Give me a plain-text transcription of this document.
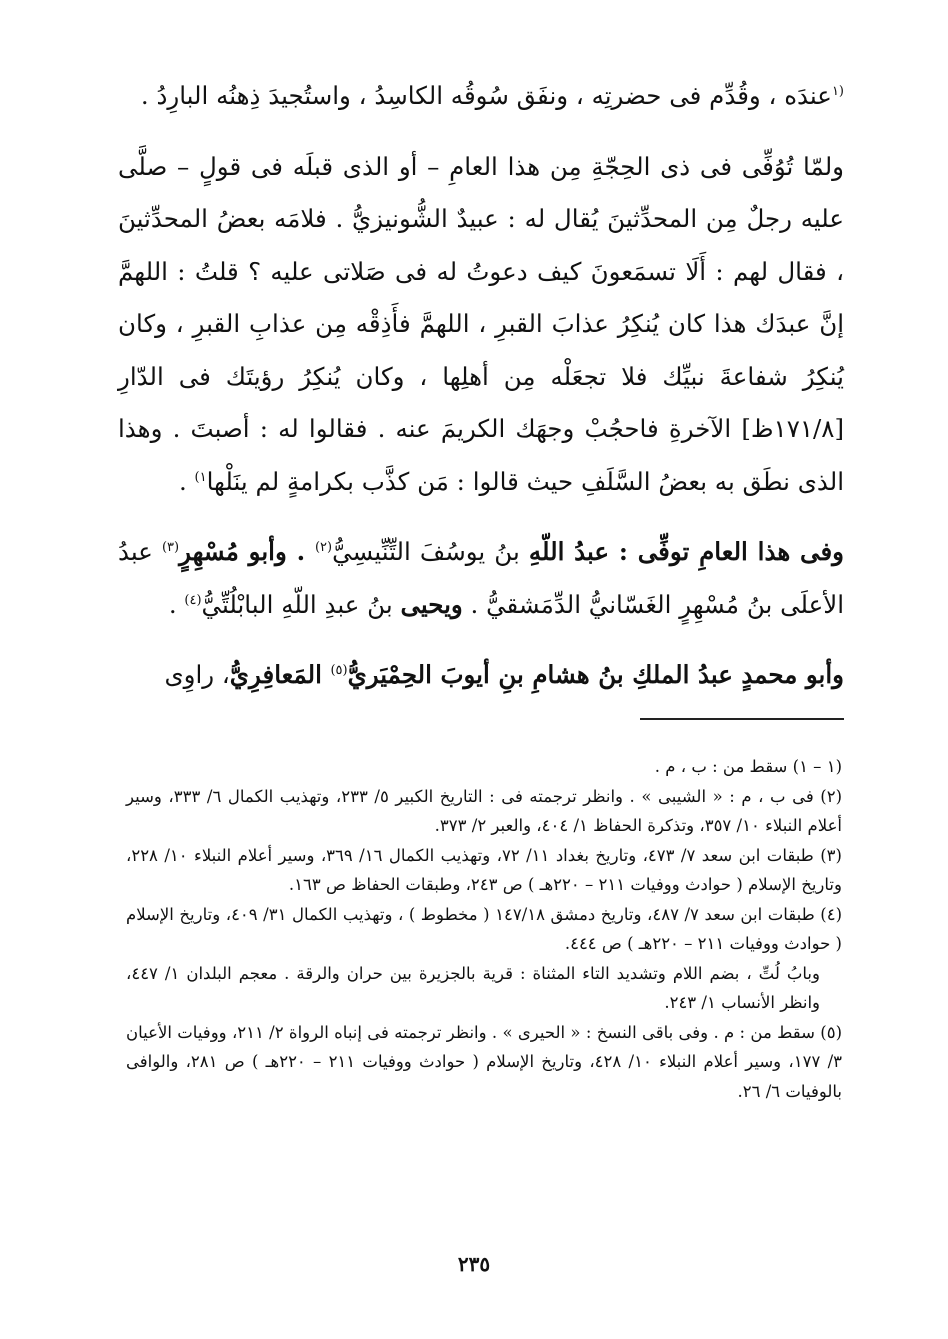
$^{(١}$عندَه ، وقُدِّم فى حضرتِه ، ونفَق سُوقُه الكاسِدُ ، واستُجيدَ ذِهنُه البارِدُ .

ولمّا تُوُفِّى فى ذى الحِجّةِ مِن هذا العامِ – أو الذى قبلَه فى قولٍ – صلَّى عليه رجلٌ مِن المحدِّثينَ يُقال له : عبيدٌ الشُّونيزيُّ . فلامَه بعضُ المحدِّثينَ ، فقال لهم : أَلَا تسمَعونَ كيف دعوتُ له فى صَلاتى عليه ؟ قلتُ : اللهمَّ إنَّ عبدَك هذا كان يُنكِرُ عذابَ القبرِ ، اللهمَّ فأَذِقْه مِن عذابِ القبرِ ، وكان يُنكِرُ شفاعةَ نبيِّك فلا تجعَلْه مِن أهلِها ، وكان يُنكِرُ رؤيتَك فى الدّارِ [١٧١/٨ظ] الآخرةِ فاحجُبْ وجهَك الكريمَ عنه . فقالوا له : أصبتَ . وهذا الذى نطَق به بعضُ السَّلَفِ حيث قالوا : مَن كذَّب بكرامةٍ لم ينَلْها$^{١)}$ .

وفى هذا العامِ توفِّى : عبدُ اللّهِ بنُ يوسُفَ التِّنِّيسِيُّ$^{(٢)}$ . وأبو مُسْهِرٍ$^{(٣)}$ عبدُ الأعلَى بنُ مُسْهِرٍ الغَسّانيُّ الدِّمَشقيُّ . ويحيى بنُ عبدِ اللّهِ البابْلُتِّيُّ$^{(٤)}$ .

وأبو محمدٍ عبدُ الملكِ بنُ هشامِ بنِ أيوبَ الحِمْيَريُّ$^{(٥)}$ المَعافِرِيُّ، راوِى

(١ – ١) سقط من : ب ، م .

(٢) فى ب ، م : « الشيبى » . وانظر ترجمته فى : التاريخ الكبير ٥/ ٢٣٣، وتهذيب الكمال ٦/ ٣٣٣، وسير أعلام النبلاء ١٠/ ٣٥٧، وتذكرة الحفاظ ١/ ٤٠٤، والعبر ٢/ ٣٧٣.

(٣) طبقات ابن سعد ٧/ ٤٧٣، وتاريخ بغداد ١١/ ٧٢، وتهذيب الكمال ١٦/ ٣٦٩، وسير أعلام النبلاء ١٠/ ٢٢٨، وتاريخ الإسلام ( حوادث ووفيات ٢١١ – ٢٢٠هـ ) ص ٢٤٣، وطبقات الحفاظ ص ١٦٣.

(٤) طبقات ابن سعد ٧/ ٤٨٧، وتاريخ دمشق ١٤٧/١٨ ( مخطوط ) ، وتهذيب الكمال ٣١/ ٤٠٩، وتاريخ الإسلام ( حوادث ووفيات ٢١١ – ٢٢٠هـ ) ص ٤٤٤.

وبابُ لُتِّ ، بضم اللام وتشديد التاء المثناة : قرية بالجزيرة بين حران والرقة . معجم البلدان ١/ ٤٤٧، وانظر الأنساب ١/ ٢٤٣.

(٥) سقط من : م . وفى باقى النسخ : « الحيرى » . وانظر ترجمته فى إنباه الرواة ٢/ ٢١١، ووفيات الأعيان ٣/ ١٧٧، وسير أعلام النبلاء ١٠/ ٤٢٨، وتاريخ الإسلام ( حوادث ووفيات ٢١١ – ٢٢٠هـ ) ص ٢٨١، والوافى بالوفيات ٦/ ٢٦.

٢٣٥
